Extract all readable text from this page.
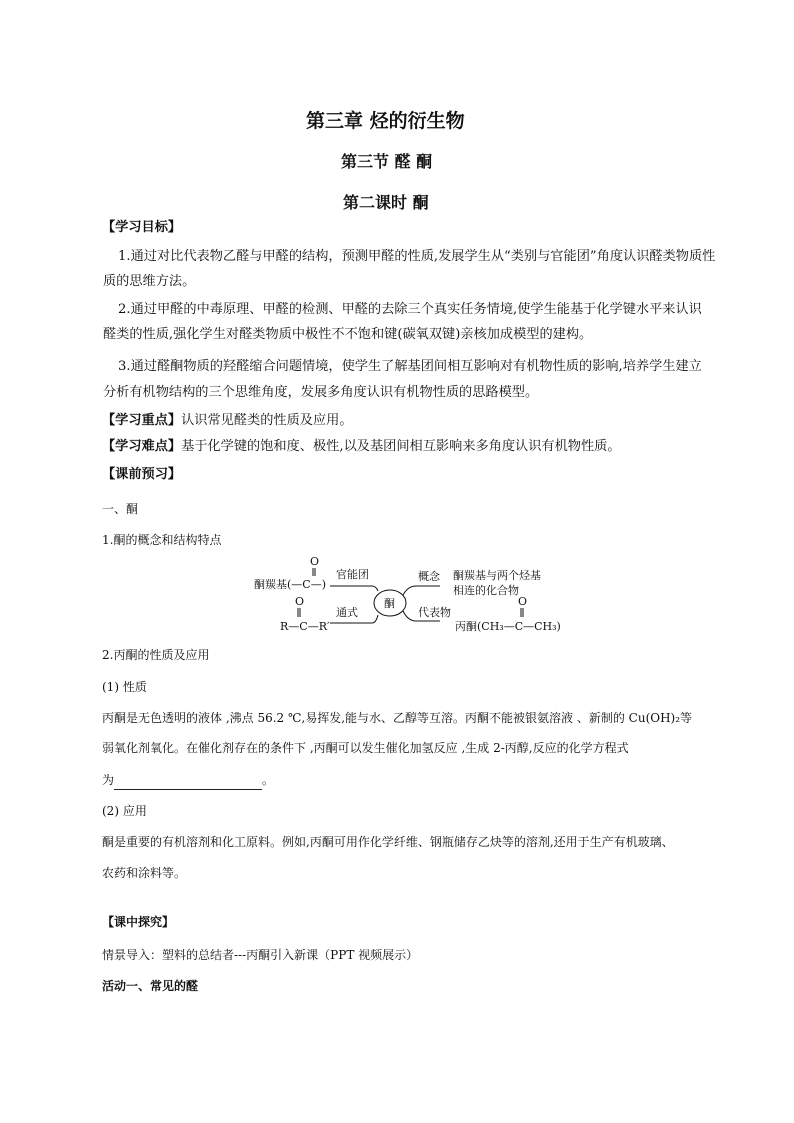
第三章 烃的衍生物
第三节 醛 酮
第二课时 酮
【学习目标】
1.通过对比代表物乙醛与甲醛的结构，预测甲醛的性质,发展学生从“类别与官能团”角度认识醛类物质性
质的思维方法。
2.通过甲醛的中毒原理、甲醛的检测、甲醛的去除三个真实任务情境,使学生能基于化学键水平来认识
醛类的性质,强化学生对醛类物质中极性不不饱和键(碳氧双键)亲核加成模型的建构。
3.通过醛酮物质的羟醛缩合问题情境，使学生了解基团间相互影响对有机物性质的影响,培养学生建立
分析有机物结构的三个思维角度，发展多角度认识有机物性质的思路模型。
【学习重点】认识常见醛类的性质及应用。
【学习难点】基于化学键的饱和度、极性,以及基团间相互影响来多角度认识有机物性质。
【课前预习】
一、酮
1.酮的概念和结构特点
O
酮羰基(—C—)
官能团
O
R—C—R′
通式
酮
概念 酮羰基与两个烃基
相连的化合物
代表物
O
丙酮(CH₃—C—CH₃)
2.丙酮的性质及应用
(1) 性质
丙酮是无色透明的液体 ,沸点 56.2 ℃,易挥发,能与水、乙醇等互溶。丙酮不能被银氨溶液 、新制的 Cu(OH)₂等
弱氧化剂氧化。在催化剂存在的条件下 ,丙酮可以发生催化加氢反应 ,生成 2-丙醇,反应的化学方程式
为	。
(2) 应用
酮是重要的有机溶剂和化工原料。例如,丙酮可用作化学纤维、钢瓶储存乙炔等的溶剂,还用于生产有机玻璃、
农药和涂料等。
【课中探究】
情景导入：塑料的总结者---丙酮引入新课（PPT 视频展示）
活动一、常见的醛
